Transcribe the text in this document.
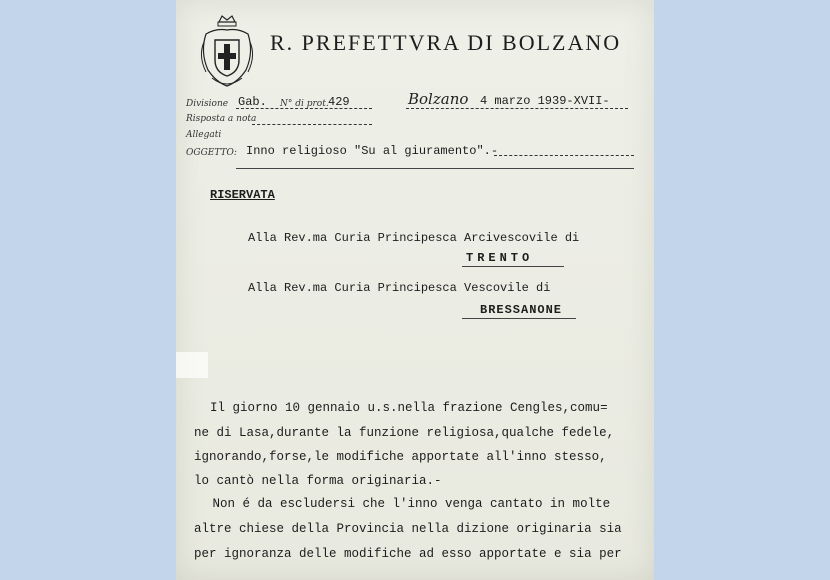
R. PREFETTVRA DI BOLZANO
Divisione Gab. N° di prot. 429	Bolzano 4 marzo 1939-XVII-
Risposta a nota
Allegati
OGGETTO: Inno religioso "Su al giuramento".-
RISERVATA
Alla Rev.ma Curia Principesca Arcivescovile di
TRENTO
Alla Rev.ma Curia Principesca Vescovile di
BRESSANONE
Il giorno 10 gennaio u.s.nella frazione Cengles,comu=
ne di Lasa,durante la funzione religiosa,qualche fedele,
ignorando,forse,le modifiche apportate all'inno stesso,
lo cantò nella forma originaria.-
Non é da escludersi che l'inno venga cantato in molte
altre chiese della Provincia nella dizione originaria sia
per ignoranza delle modifiche ad esso apportate e sia per
